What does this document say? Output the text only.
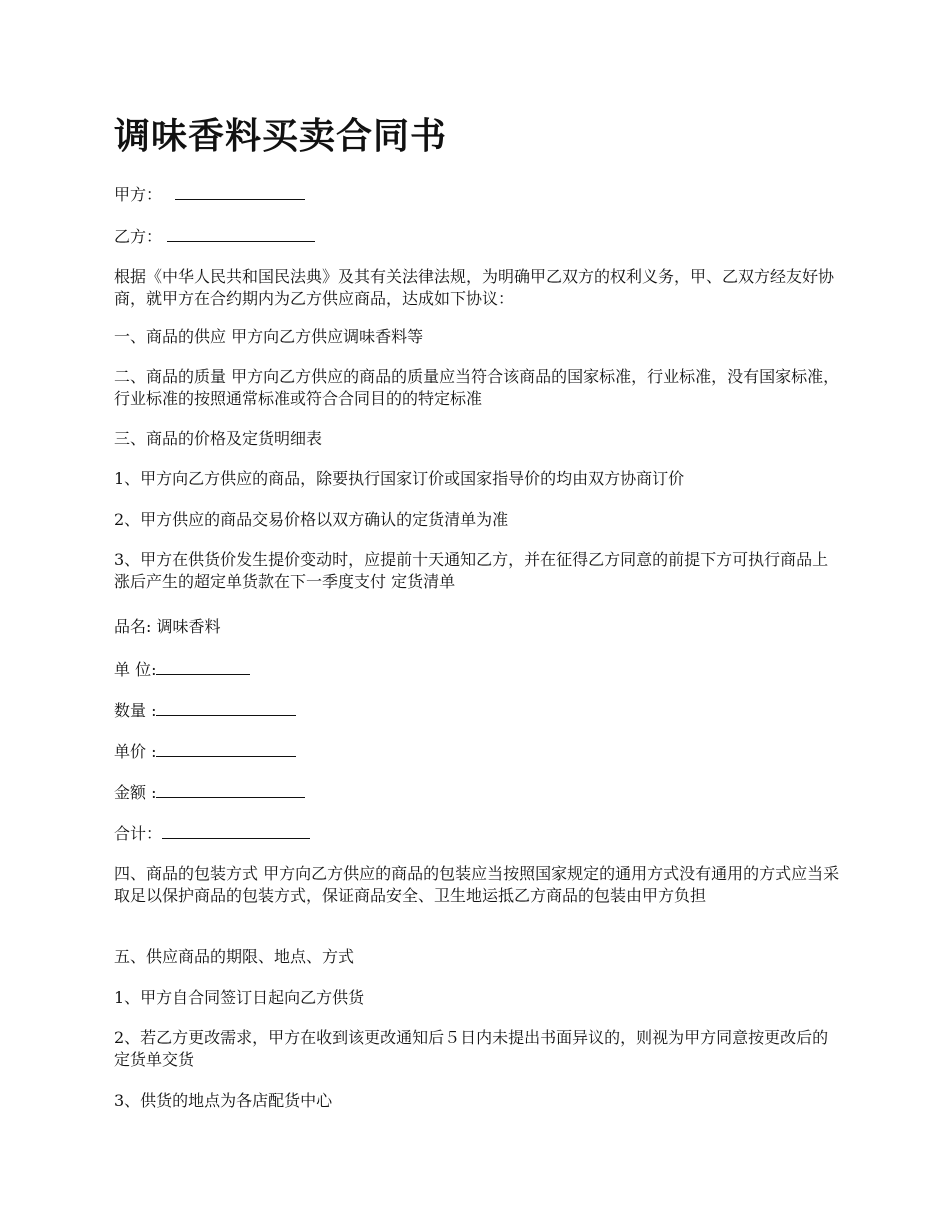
调味香料买卖合同书

甲方：

乙方：

根据《中华人民共和国民法典》及其有关法律法规，为明确甲乙双方的权利义务，甲、乙双方经友好协商，就甲方在合约期内为乙方供应商品，达成如下协议：

一、商品的供应 甲方向乙方供应调味香料等

二、商品的质量 甲方向乙方供应的商品的质量应当符合该商品的国家标准，行业标准，没有国家标准，行业标准的按照通常标准或符合合同目的的特定标准

三、商品的价格及定货明细表

1、甲方向乙方供应的商品，除要执行国家订价或国家指导价的均由双方协商订价

2、甲方供应的商品交易价格以双方确认的定货清单为准

3、甲方在供货价发生提价变动时，应提前十天通知乙方，并在征得乙方同意的前提下方可执行商品上涨后产生的超定单货款在下一季度支付 定货清单

品名: 调味香料

单 位:

数量 :

单价 :

金额 :

合计：

四、商品的包装方式 甲方向乙方供应的商品的包装应当按照国家规定的通用方式没有通用的方式应当采取足以保护商品的包装方式，保证商品安全、卫生地运抵乙方商品的包装由甲方负担

五、供应商品的期限、地点、方式

1、甲方自合同签订日起向乙方供货

2、若乙方更改需求，甲方在收到该更改通知后５日内未提出书面异议的，则视为甲方同意按更改后的定货单交货

3、供货的地点为各店配货中心
